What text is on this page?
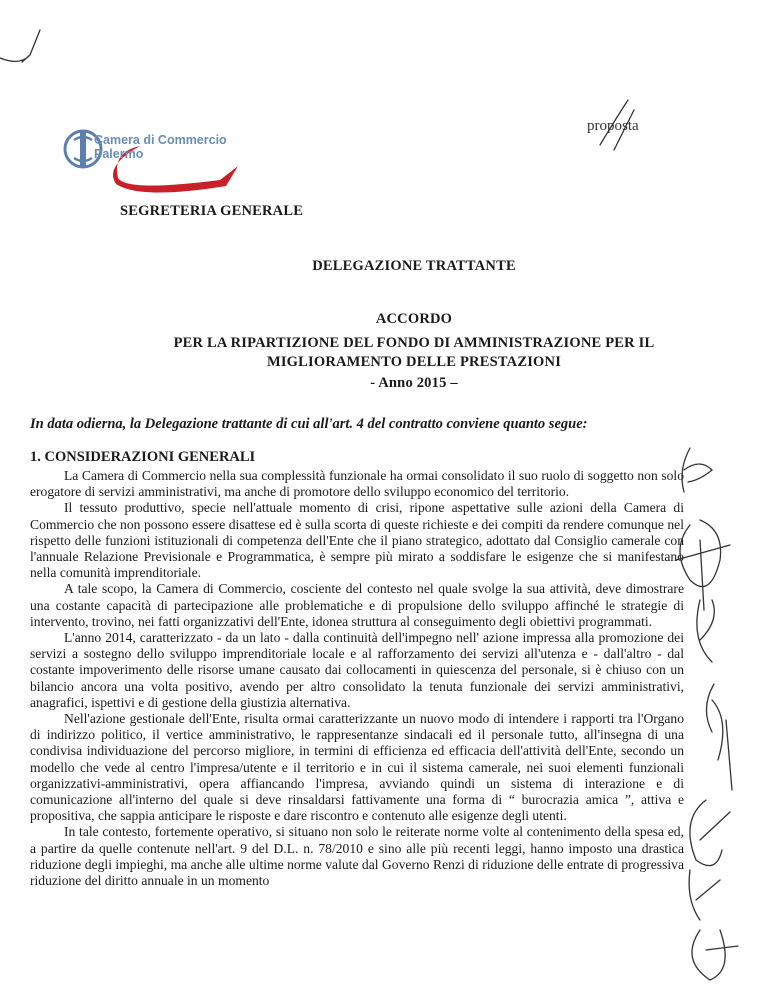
Camera di Commercio
Palermo
proposta
SEGRETERIA GENERALE
DELEGAZIONE TRATTANTE
ACCORDO
PER LA RIPARTIZIONE DEL FONDO DI AMMINISTRAZIONE PER IL
MIGLIORAMENTO DELLE PRESTAZIONI
- Anno 2015 –
In data odierna, la Delegazione trattante di cui all'art. 4 del contratto conviene quanto segue:
1. CONSIDERAZIONI GENERALI

La Camera di Commercio nella sua complessità funzionale ha ormai consolidato il suo ruolo di soggetto non solo erogatore di servizi amministrativi, ma anche di promotore dello sviluppo economico del territorio.

Il tessuto produttivo, specie nell'attuale momento di crisi, ripone aspettative sulle azioni della Camera di Commercio che non possono essere disattese ed è sulla scorta di queste richieste e dei compiti da rendere comunque nel rispetto delle funzioni istituzionali di competenza dell'Ente che il piano strategico, adottato dal Consiglio camerale con l'annuale Relazione Previsionale e Programmatica, è sempre più mirato a soddisfare le esigenze che si manifestano nella comunità imprenditoriale.

A tale scopo, la Camera di Commercio, cosciente del contesto nel quale svolge la sua attività, deve dimostrare una costante capacità di partecipazione alle problematiche e di propulsione dello sviluppo affinché le strategie di intervento, trovino, nei fatti organizzativi dell'Ente, idonea struttura al conseguimento degli obiettivi programmati.

L'anno 2014, caratterizzato - da un lato - dalla continuità dell'impegno nell' azione impressa alla promozione dei servizi a sostegno dello sviluppo imprenditoriale locale e al rafforzamento dei servizi all'utenza e - dall'altro - dal costante impoverimento delle risorse umane causato dai collocamenti in quiescenza del personale, si è chiuso con un bilancio ancora una volta positivo, avendo per altro consolidato la tenuta funzionale dei servizi amministrativi, anagrafici, ispettivi e di gestione della giustizia alternativa.

Nell'azione gestionale dell'Ente, risulta ormai caratterizzante un nuovo modo di intendere i rapporti tra l'Organo di indirizzo politico, il vertice amministrativo, le rappresentanze sindacali ed il personale tutto, all'insegna di una condivisa individuazione del percorso migliore, in termini di efficienza ed efficacia dell'attività dell'Ente, secondo un modello che vede al centro l'impresa/utente e il territorio e in cui il sistema camerale, nei suoi elementi funzionali organizzativi-amministrativi, opera affiancando l'impresa, avviando quindi un sistema di interazione e di comunicazione all'interno del quale si deve rinsaldarsi fattivamente una forma di “ burocrazia amica ”, attiva e propositiva, che sappia anticipare le risposte e dare riscontro e contenuto alle esigenze degli utenti.

In tale contesto, fortemente operativo, si situano non solo le reiterate norme volte al contenimento della spesa ed, a partire da quelle contenute nell'art. 9 del D.L. n. 78/2010 e sino alle più recenti leggi, hanno imposto una drastica riduzione degli impieghi, ma anche alle ultime norme valute dal Governo Renzi di riduzione delle entrate di progressiva riduzione del diritto annuale in un momento
